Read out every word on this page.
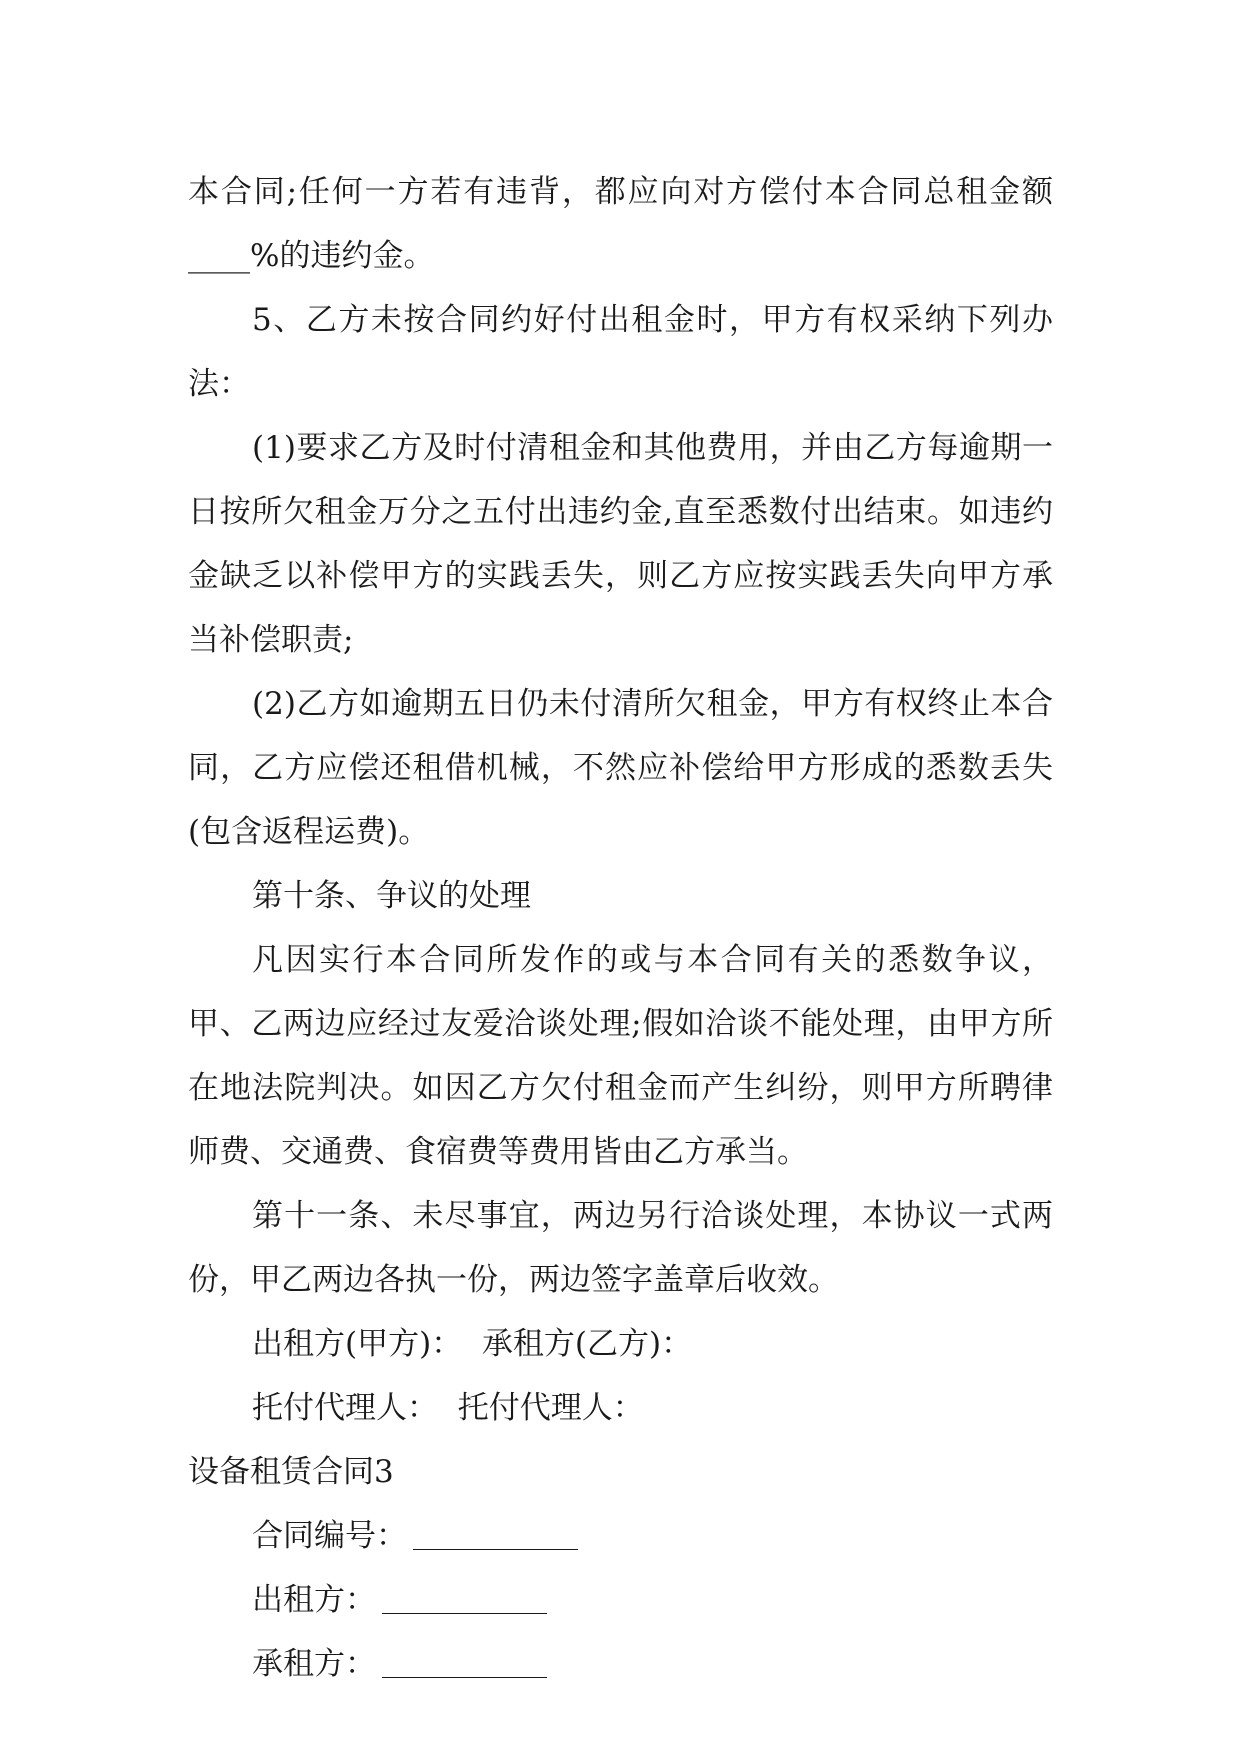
本合同;任何一方若有违背，都应向对方偿付本合同总租金额____%的违约金。

5、乙方未按合同约好付出租金时，甲方有权采纳下列办法：

(1)要求乙方及时付清租金和其他费用，并由乙方每逾期一日按所欠租金万分之五付出违约金,直至悉数付出结束。如违约金缺乏以补偿甲方的实践丢失，则乙方应按实践丢失向甲方承当补偿职责;

(2)乙方如逾期五日仍未付清所欠租金，甲方有权终止本合同，乙方应偿还租借机械，不然应补偿给甲方形成的悉数丢失(包含返程运费)。

第十条、争议的处理

凡因实行本合同所发作的或与本合同有关的悉数争议，甲、乙两边应经过友爱洽谈处理;假如洽谈不能处理，由甲方所在地法院判决。如因乙方欠付租金而产生纠纷，则甲方所聘律师费、交通费、食宿费等费用皆由乙方承当。

第十一条、未尽事宜，两边另行洽谈处理，本协议一式两份，甲乙两边各执一份，两边签字盖章后收效。

出租方(甲方)：  承租方(乙方)：

托付代理人：  托付代理人：

设备租赁合同3

合同编号：

出租方：

承租方：
